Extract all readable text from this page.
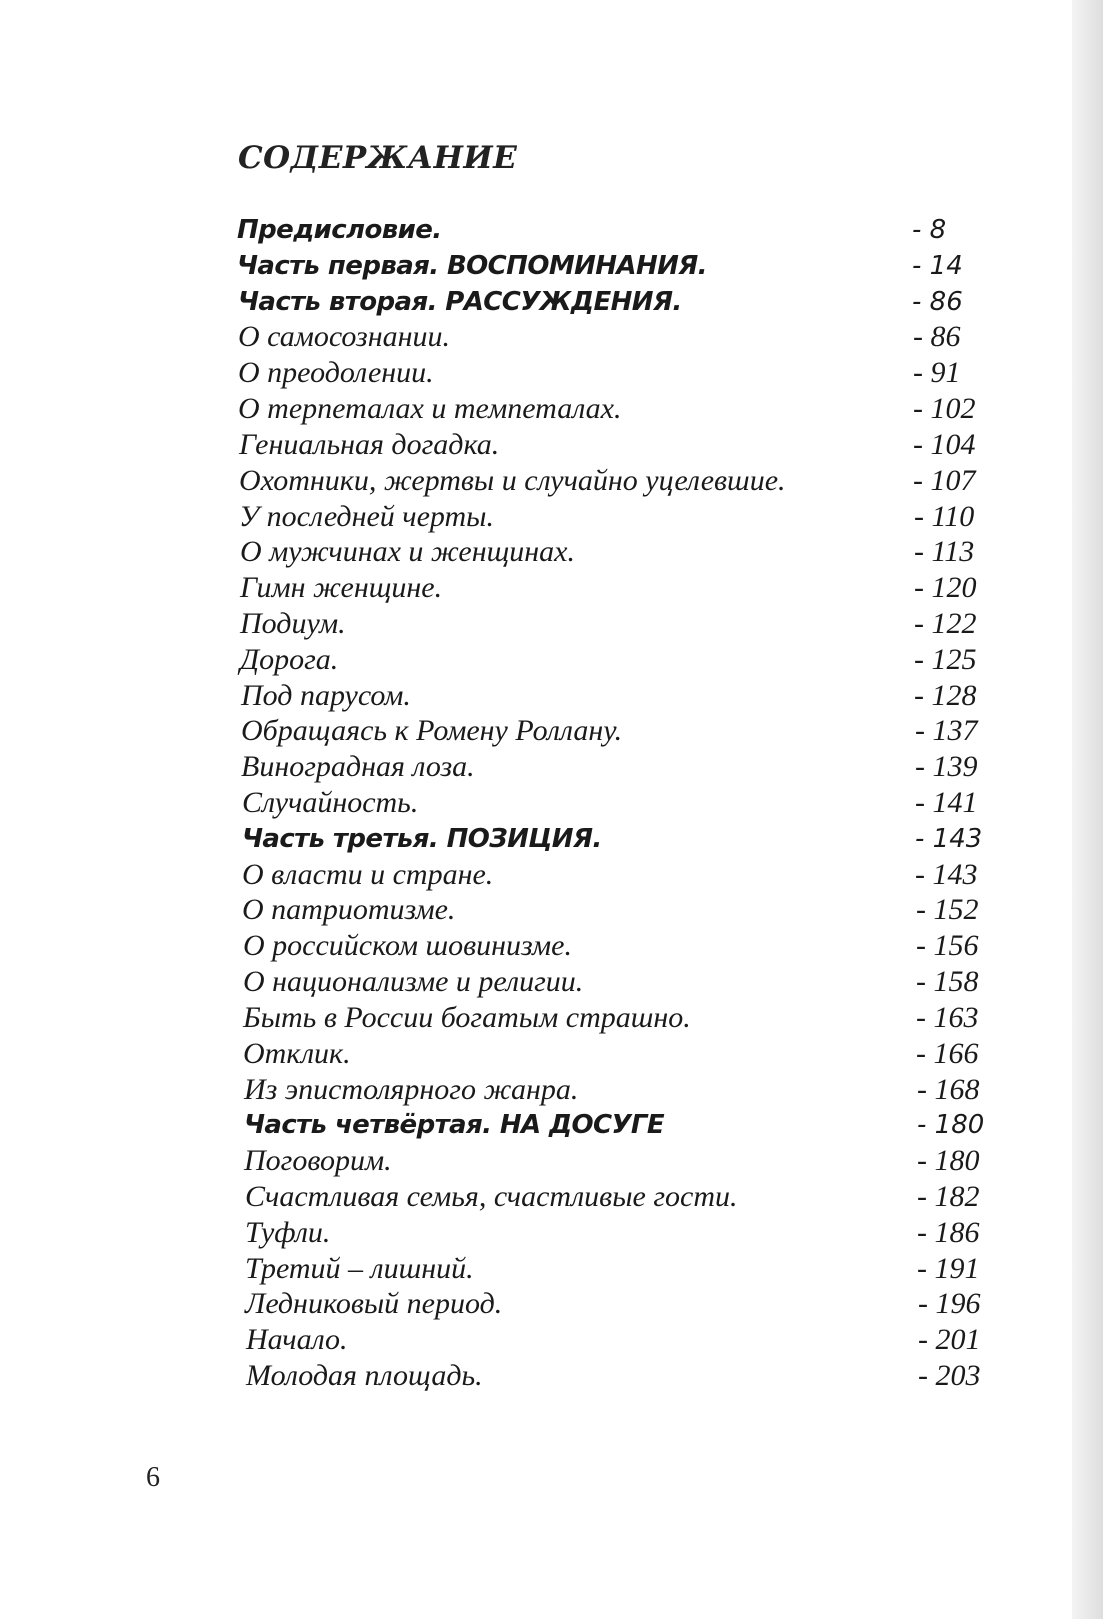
СОДЕРЖАНИЕ
Предисловие.	- 8
Часть первая. ВОСПОМИНАНИЯ.	- 14
Часть вторая. РАССУЖДЕНИЯ.	- 86
О самосознании.	- 86
О преодолении.	- 91
О терпеталах и темпеталах.	- 102
Гениальная догадка.	- 104
Охотники, жертвы и случайно уцелевшие.	- 107
У последней черты.	- 110
О мужчинах и женщинах.	- 113
Гимн женщине.	- 120
Подиум.	- 122
Дорога.	- 125
Под парусом.	- 128
Обращаясь к Ромену Роллану.	- 137
Виноградная лоза.	- 139
Случайность.	- 141
Часть третья. ПОЗИЦИЯ.	- 143
О власти и стране.	- 143
О патриотизме.	- 152
О российском шовинизме.	- 156
О национализме и религии.	- 158
Быть в России богатым страшно.	- 163
Отклик.	- 166
Из эпистолярного жанра.	- 168
Часть четвёртая. НА ДОСУГЕ	- 180
Поговорим.	- 180
Счастливая семья, счастливые гости.	- 182
Туфли.	- 186
Третий – лишний.	- 191
Ледниковый период.	- 196
Начало.	- 201
Молодая площадь.	- 203
6
